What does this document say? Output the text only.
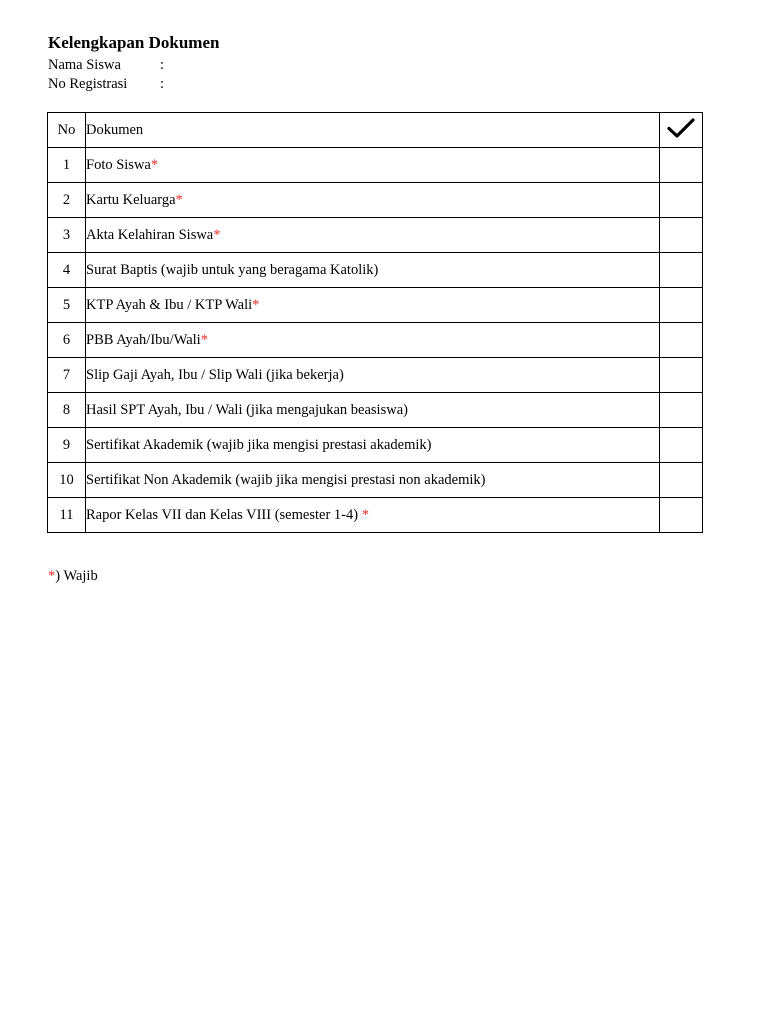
Kelengkapan Dokumen
Nama Siswa	:
No Registrasi :
No	Dokumen	
1	Foto Siswa*	
2	Kartu Keluarga*	
3	Akta Kelahiran Siswa*	
4	Surat Baptis (wajib untuk yang beragama Katolik)	
5	KTP Ayah & Ibu / KTP Wali*	
6	PBB Ayah/Ibu/Wali*	
7	Slip Gaji Ayah, Ibu / Slip Wali (jika bekerja)	
8	Hasil SPT Ayah, Ibu / Wali (jika mengajukan beasiswa)	
9	Sertifikat Akademik (wajib jika mengisi prestasi akademik)	
10	Sertifikat Non Akademik (wajib jika mengisi prestasi non akademik)	
11	Rapor Kelas VII dan Kelas VIII (semester 1-4) *	
*) Wajib
